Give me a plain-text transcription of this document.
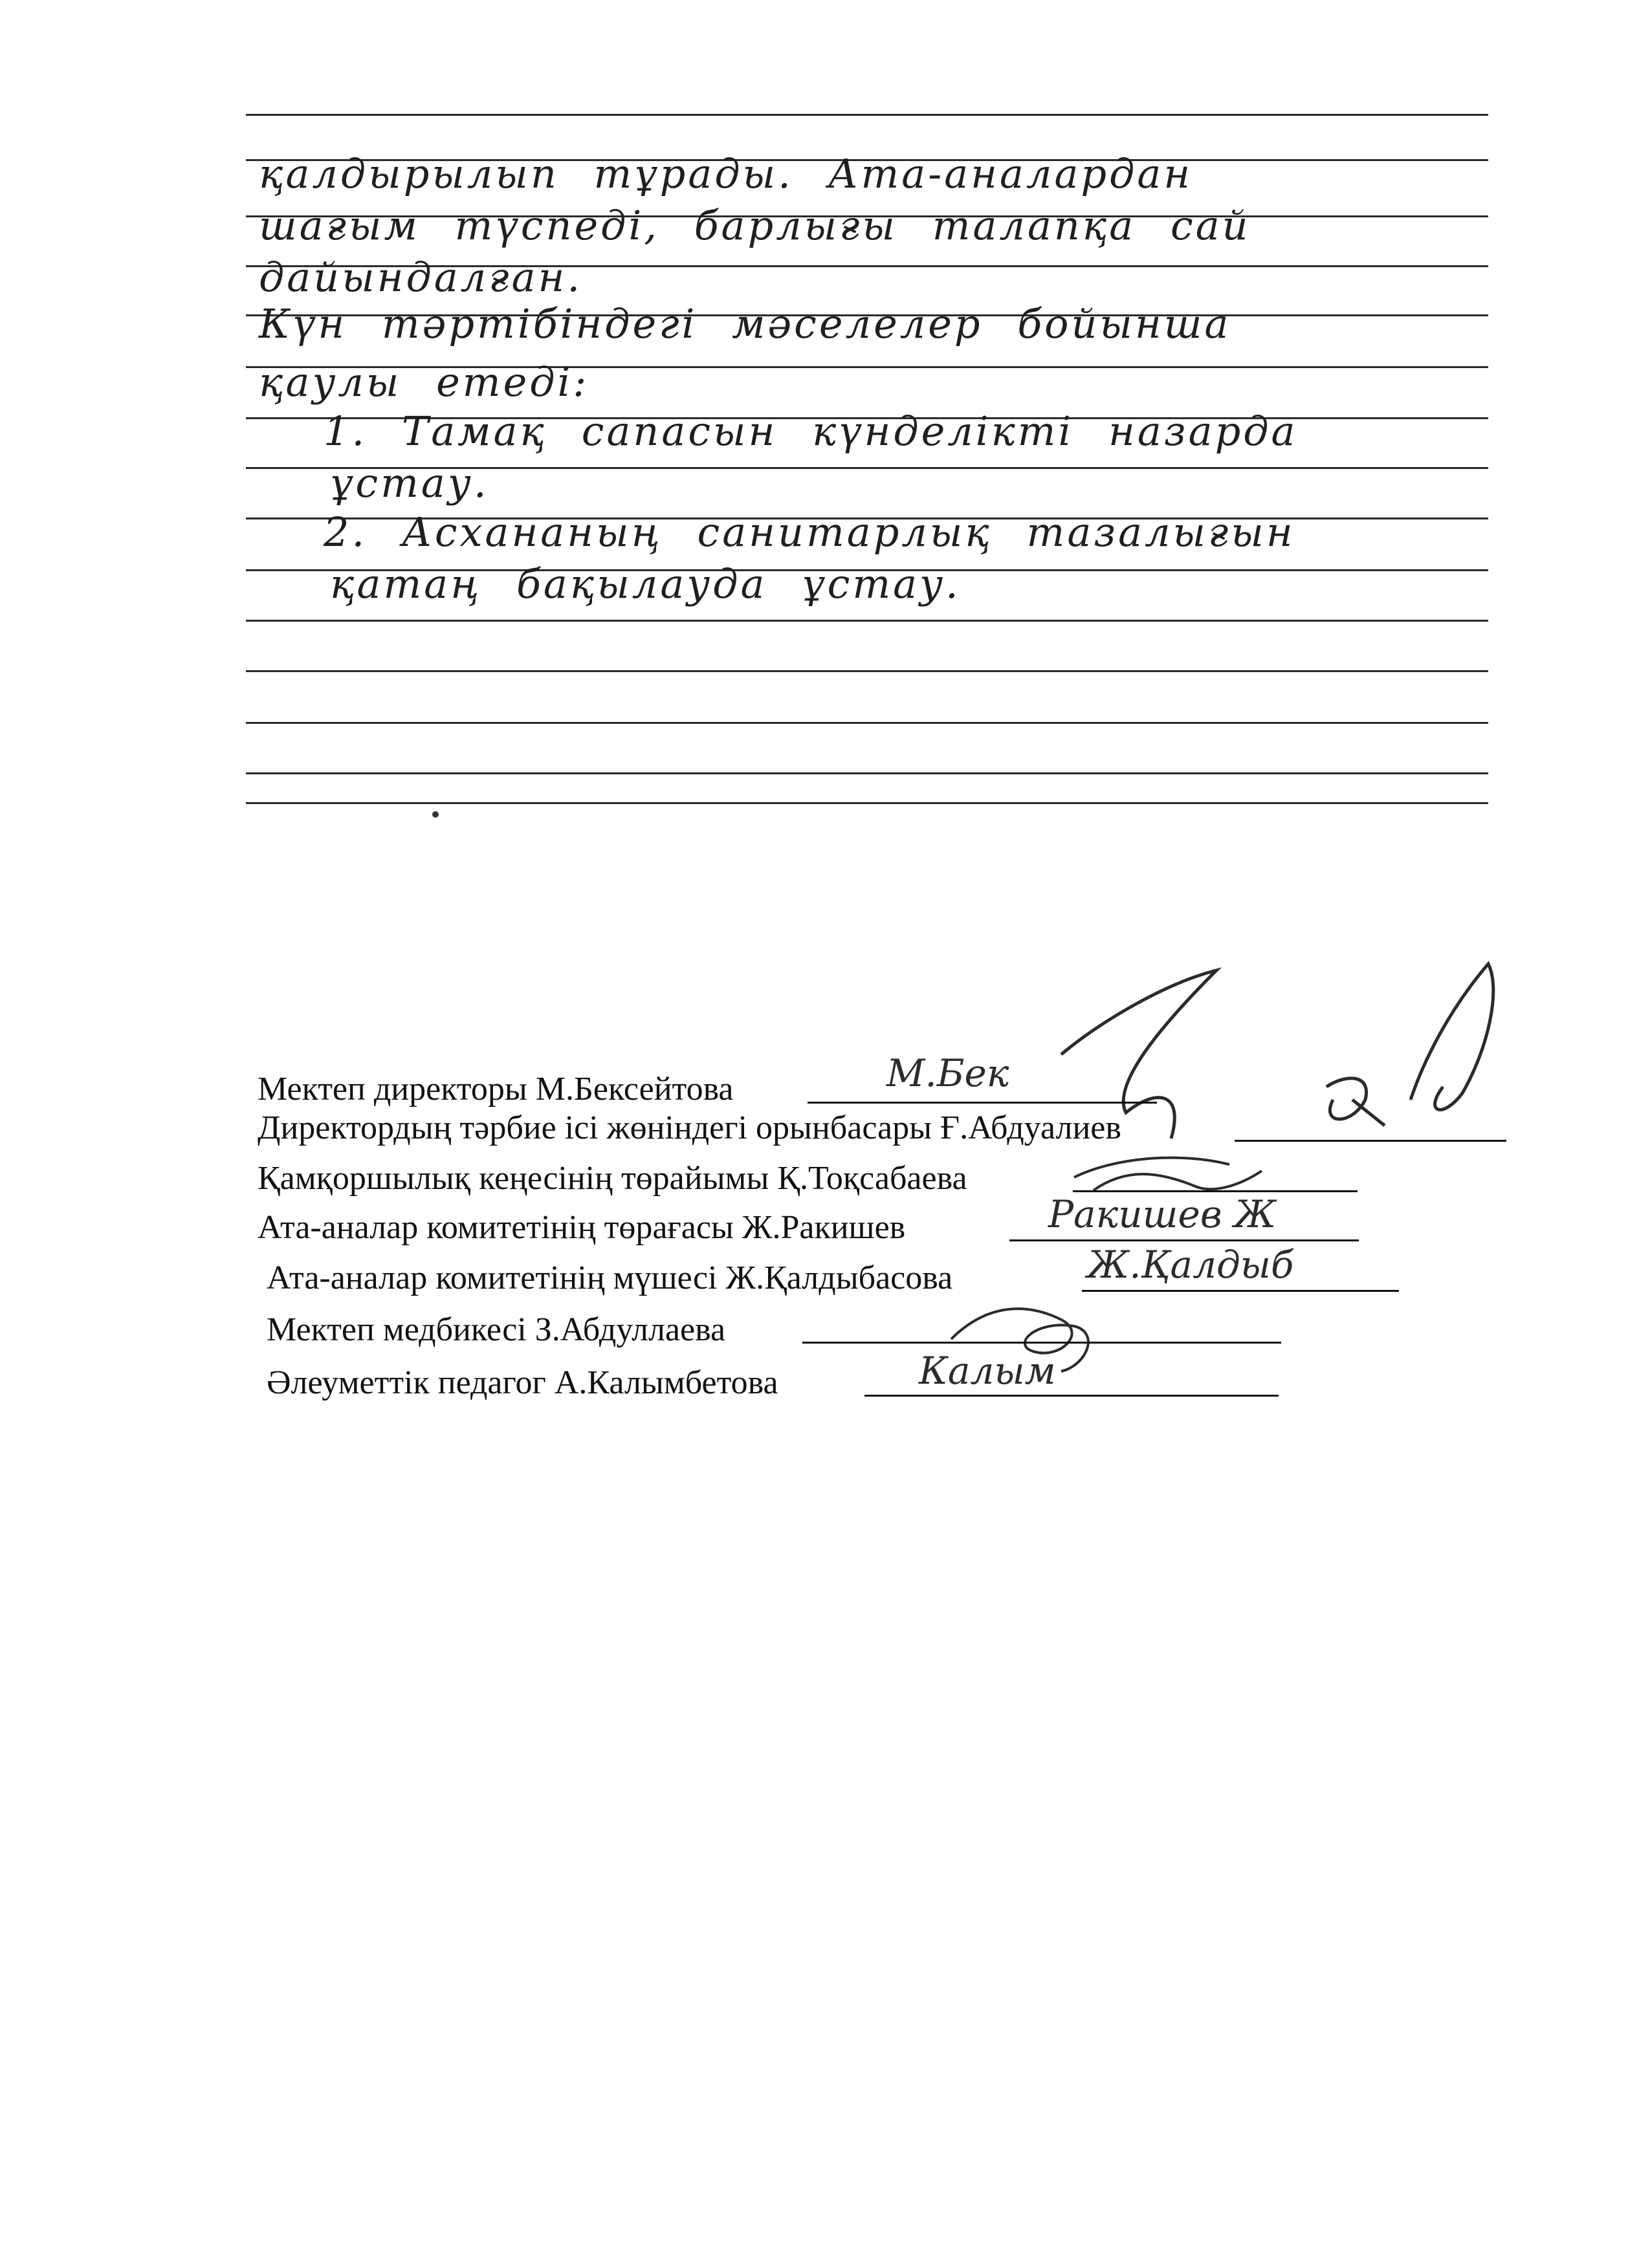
қалдырылып тұрады. Ата-аналардан
шағым түспеді, барлығы талапқа сай
дайындалған.
Күн тәртібіндегі мәселелер бойынша
қаулы етеді:
1. Тамақ сапасын күнделікті назарда
ұстау.
2. Асхананың санитарлық тазалығын
қатаң бақылауда ұстау.
Мектеп директоры М.Бексейтова	М.Бек
Директордың тәрбие ісі жөніндегі орынбасары Ғ.Абдуалиев
Қамқоршылық кеңесінің төрайымы Қ.Тоқсабаева
Ата-аналар комитетінің төрағасы Ж.Ракишев	Ракишев Ж
Ата-аналар комитетінің мүшесі Ж.Қалдыбасова	Ж.Қалдыб
Мектеп медбикесі З.Абдуллаева
Әлеуметтік педагог А.Калымбетова	Калым
